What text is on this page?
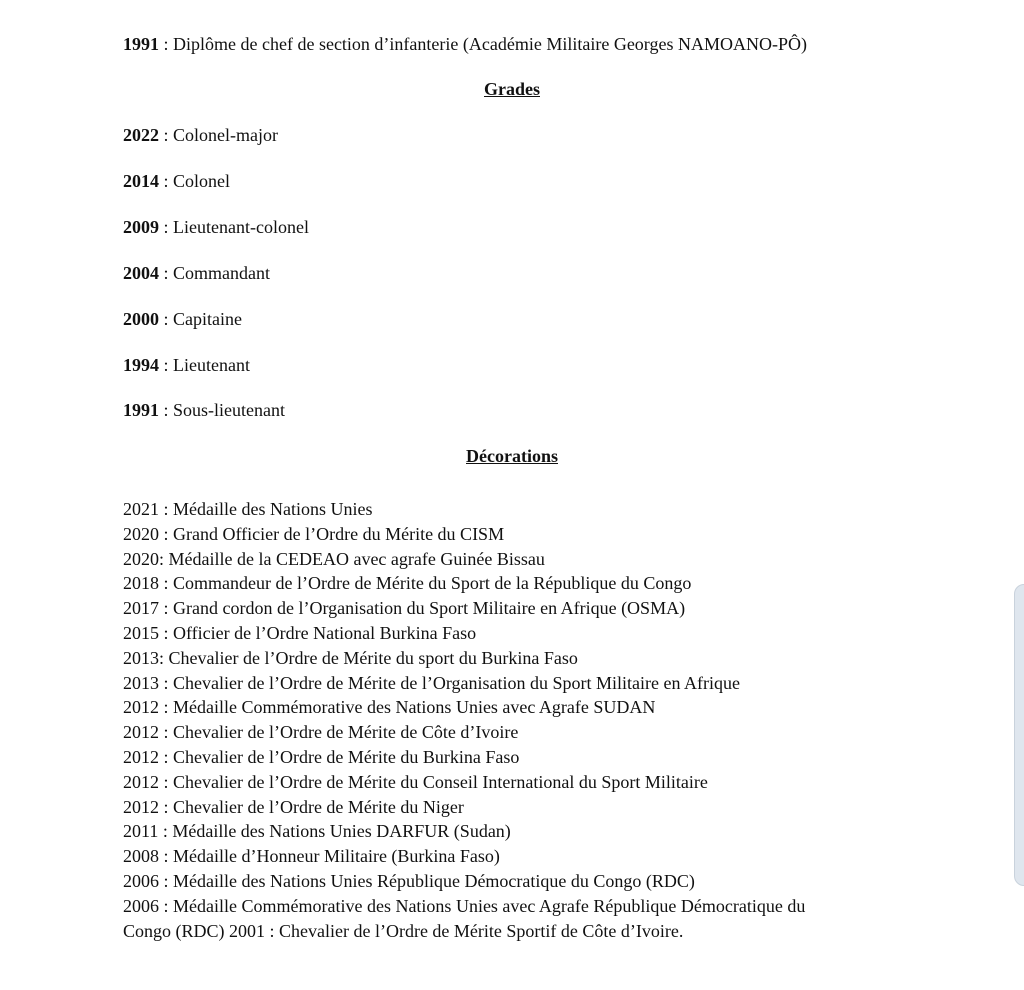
1991 : Diplôme de chef de section d’infanterie (Académie Militaire Georges NAMOANO-PÔ)
Grades
2022 : Colonel-major
2014 : Colonel
2009 : Lieutenant-colonel
2004 : Commandant
2000 : Capitaine
1994 : Lieutenant
1991 : Sous-lieutenant
Décorations
2021 : Médaille des Nations Unies
2020 : Grand Officier de l’Ordre du Mérite du CISM
2020: Médaille de la CEDEAO avec agrafe Guinée Bissau
2018 : Commandeur de l’Ordre de Mérite du Sport de la République du Congo
2017 : Grand cordon de l’Organisation du Sport Militaire en Afrique (OSMA)
2015 : Officier de l’Ordre National Burkina Faso
2013: Chevalier de l’Ordre de Mérite du sport du Burkina Faso
2013 : Chevalier de l’Ordre de Mérite de l’Organisation du Sport Militaire en Afrique
2012 : Médaille Commémorative des Nations Unies avec Agrafe SUDAN
2012 : Chevalier de l’Ordre de Mérite de Côte d’Ivoire
2012 : Chevalier de l’Ordre de Mérite du Burkina Faso
2012 : Chevalier de l’Ordre de Mérite du Conseil International du Sport Militaire
2012 : Chevalier de l’Ordre de Mérite du Niger
2011 : Médaille des Nations Unies DARFUR (Sudan)
2008 : Médaille d’Honneur Militaire (Burkina Faso)
2006 : Médaille des Nations Unies République Démocratique du Congo (RDC)
2006 : Médaille Commémorative des Nations Unies avec Agrafe République Démocratique du
Congo (RDC) 2001 : Chevalier de l’Ordre de Mérite Sportif de Côte d’Ivoire.
